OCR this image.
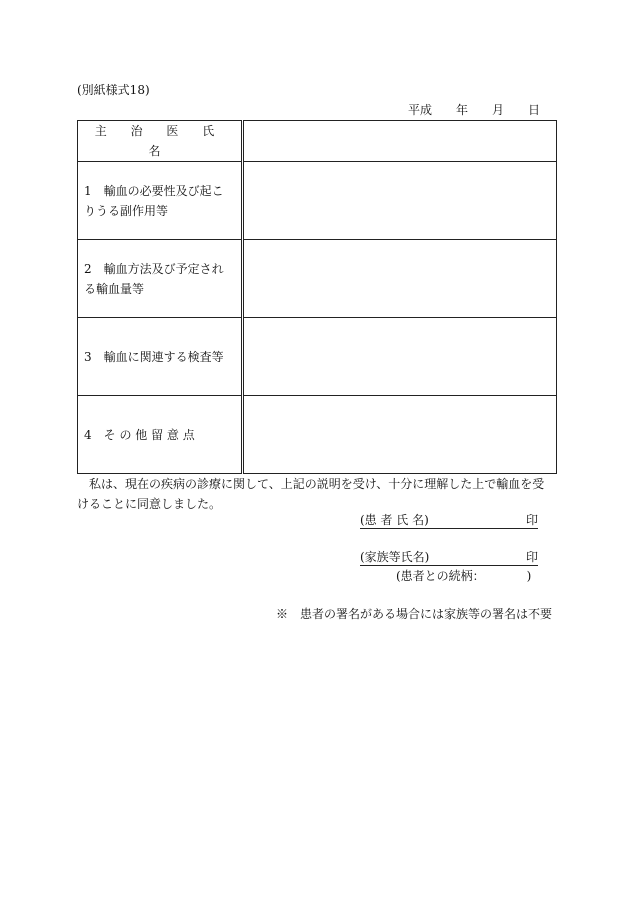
(別紙様式18)
平成 年 月 日
主 治 医 氏 名	
1　輸血の必要性及び起こりうる副作用等	
2　輸血方法及び予定される輸血量等	
3　輸血に関連する検査等	
4　そ の 他 留 意 点	
私は、現在の疾病の診療に関して、上記の説明を受け、十分に理解した上で輸血を受けることに同意しました。
(患 者 氏 名)	印
(家族等氏名)	印
(患者との続柄：　　　　)
※　患者の署名がある場合には家族等の署名は不要
